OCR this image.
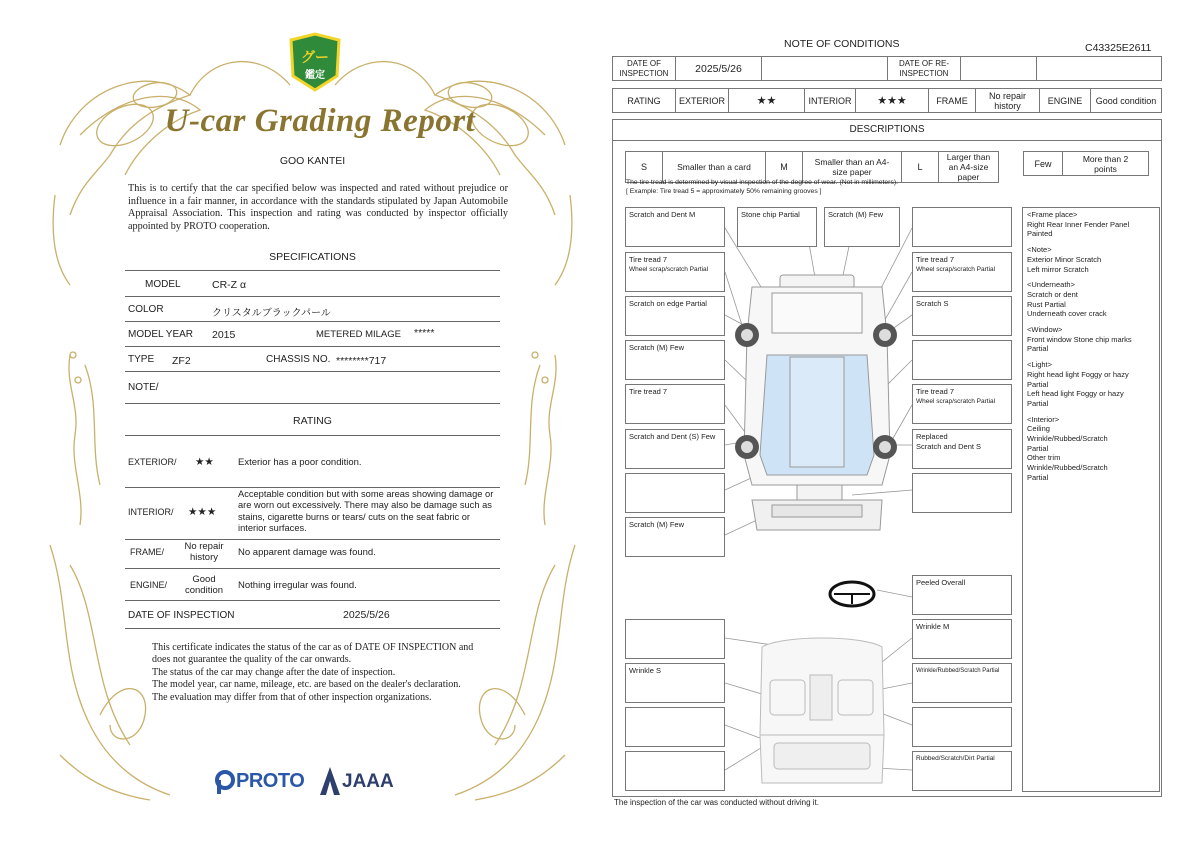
グー
鑑定
U-car Grading Report
GOO KANTEI
This is to certify that the car specified below was inspected and rated without prejudice or influence in a fair manner, in accordance with the standards stipulated by Japan Automobile Appraisal Association. This inspection and rating was conducted by inspector officially appointed by PROTO cooperation.
SPECIFICATIONS
MODEL	CR-Z α
COLOR	クリスタルブラックパール
MODEL YEAR 2015	METERED MILAGE *****
TYPE ZF2	CHASSIS NO. ********717
NOTE/
RATING
EXTERIOR/ ★★	Exterior has a poor condition.
INTERIOR/ ★★★
Acceptable condition but with some areas showing damage or are worn out excessively. There may also be damage such as stains, cigarette burns or tears/ cuts on the seat fabric or interior surfaces.
FRAME/	No repair history	No apparent damage was found.
ENGINE/	Good condition	Nothing irregular was found.
DATE OF INSPECTION	2025/5/26
This certificate indicates the status of the car as of DATE OF INSPECTION and does not guarantee the quality of the car onwards.
The status of the car may change after the date of inspection.
The model year, car name, mileage, etc. are based on the dealer's declaration.
The evaluation may differ from that of other inspection organizations.
PROTO JAAA
NOTE OF CONDITIONS	C43325E2611
DATE OF INSPECTION	2025/5/26		DATE OF RE-INSPECTION		
RATING	EXTERIOR	★★	INTERIOR	★★★	FRAME	No repair history	ENGINE	Good condition
DESCRIPTIONS
S	Smaller than a card	M	Smaller than an A4-size paper	L	Larger than an A4-size paper
Few	More than 2 points
The tire tread is determined by visual inspection of the degree of wear. (Not in millimeters).
[ Example: Tire tread 5 = approximately 50% remaining grooves ]
Scratch and Dent M
Tire tread 7
Wheel scrap/scratch Partial
Scratch on edge Partial
Scratch (M) Few
Tire tread 7
Scratch and Dent (S) Few
Scratch (M) Few
Wrinkle S
Stone chip Partial	Scratch (M) Few
Tire tread 7
Wheel scrap/scratch Partial
Scratch S
Tire tread 7
Wheel scrap/scratch Partial
Replaced
Scratch and Dent S
Peeled Overall
Wrinkle M
Wrinkle/Rubbed/Scratch Partial
Rubbed/Scratch/Dirt Partial
<Frame place>
Right Rear Inner Fender Panel
Painted
<Note>
Exterior Minor Scratch
Left mirror Scratch
<Underneath>
Scratch or dent
Rust Partial
Underneath cover crack
<Window>
Front window Stone chip marks
Partial
<Light>
Right head light Foggy or hazy
Partial
Left head light Foggy or hazy
Partial
<Interior>
Ceiling
Wrinkle/Rubbed/Scratch
Partial
Other trim
Wrinkle/Rubbed/Scratch
Partial
The inspection of the car was conducted without driving it.
